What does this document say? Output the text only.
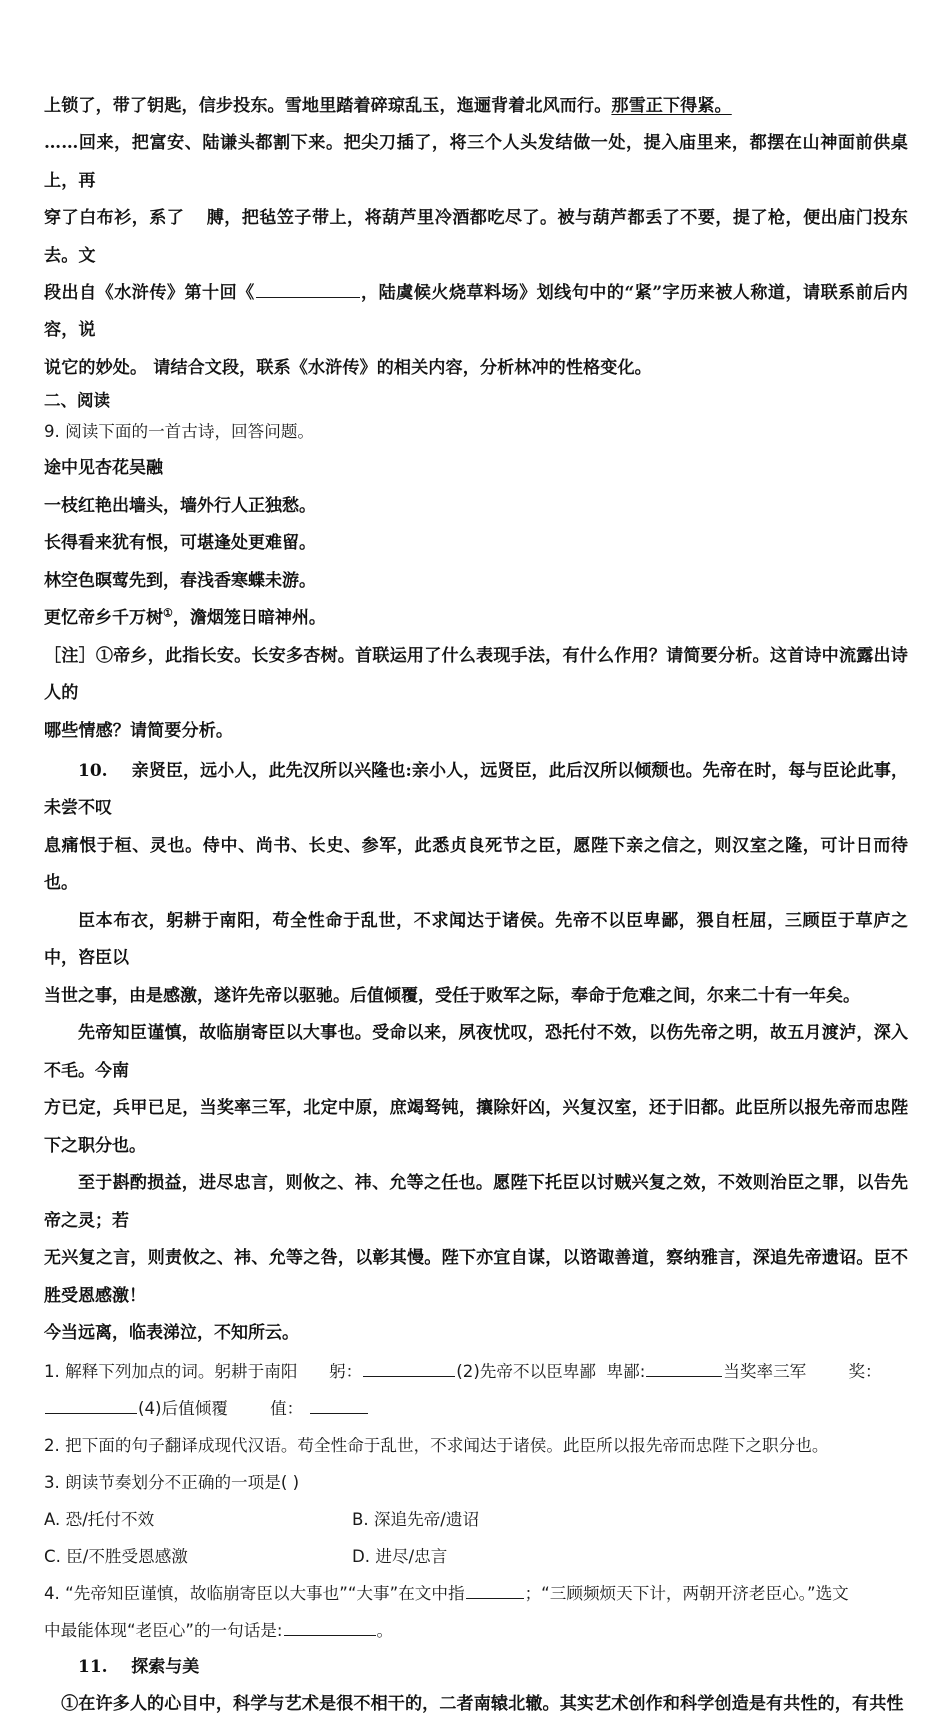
上锁了，带了钥匙，信步投东。雪地里踏着碎琼乱玉，迤逦背着北风而行。那雪正下得紧。
……回来，把富安、陆谦头都割下来。把尖刀插了，将三个人头发结做一处，提入庙里来，都摆在山神面前供桌上，再
穿了白布衫，系了 膊，把毡笠子带上，将葫芦里冷酒都吃尽了。被与葫芦都丢了不要，提了枪，便出庙门投东去。文
段出自《水浒传》第十回《	，陆虞候火烧草料场》划线句中的“紧”字历来被人称道，请联系前后内容，说
说它的妙处。 请结合文段，联系《水浒传》的相关内容，分析林冲的性格变化。
二、阅读
9. 阅读下面的一首古诗，回答问题。
途中见杏花吴融
一枝红艳出墙头，墙外行人正独愁。
长得看来犹有恨，可堪逢处更难留。
林空色暝莺先到，春浅香寒蝶未游。
更忆帝乡千万树①，澹烟笼日暗神州。
［注］①帝乡，此指长安。长安多杏树。首联运用了什么表现手法，有什么作用？请简要分析。这首诗中流露出诗人的
哪些情感？请简要分析。
10. 亲贤臣，远小人，此先汉所以兴隆也:亲小人，远贤臣，此后汉所以倾颓也。先帝在时，每与臣论此事，未尝不叹
息痛恨于桓、灵也。侍中、尚书、长史、参军，此悉贞良死节之臣，愿陛下亲之信之，则汉室之隆，可计日而待也。
臣本布衣，躬耕于南阳，苟全性命于乱世，不求闻达于诸侯。先帝不以臣卑鄙，猥自枉屈，三顾臣于草庐之中，咨臣以
当世之事，由是感激，遂许先帝以驱驰。后值倾覆，受任于败军之际，奉命于危难之间，尔来二十有一年矣。
先帝知臣谨慎，故临崩寄臣以大事也。受命以来，夙夜忧叹，恐托付不效，以伤先帝之明，故五月渡泸，深入不毛。今南
方已定，兵甲已足，当奖率三军，北定中原，庶竭驽钝，攘除奸凶，兴复汉室，还于旧都。此臣所以报先帝而忠陛下之职分也。
至于斟酌损益，进尽忠言，则攸之、祎、允等之任也。愿陛下托臣以讨贼兴复之效，不效则治臣之罪，以告先帝之灵；若
无兴复之言，则责攸之、祎、允等之咎，以彰其慢。陛下亦宜自谋，以谘诹善道，察纳雅言，深追先帝遗诏。臣不胜受恩感激！
今当远离，临表涕泣，不知所云。
1. 解释下列加点的词。躬耕于南阳 躬：	(2)先帝不以臣卑鄙 卑鄙:	当奖率三军	奖：
(4)后值倾覆	值：
2. 把下面的句子翻译成现代汉语。苟全性命于乱世，不求闻达于诸侯。此臣所以报先帝而忠陛下之职分也。
3. 朗读节奏划分不正确的一项是( )
A. 恐/托付不效	B. 深追先帝/遗诏
C. 臣/不胜受恩感激	D. 进尽/忠言
4. “先帝知臣谨慎，故临崩寄臣以大事也”“大事”在文中指	；“三顾频烦天下计，两朝开济老臣心。”选文
中最能体现“老臣心”的一句话是:	。
11. 探索与美
①在许多人的心目中，科学与艺术是很不相干的，二者南辕北辙。其实艺术创作和科学创造是有共性的，有共性
